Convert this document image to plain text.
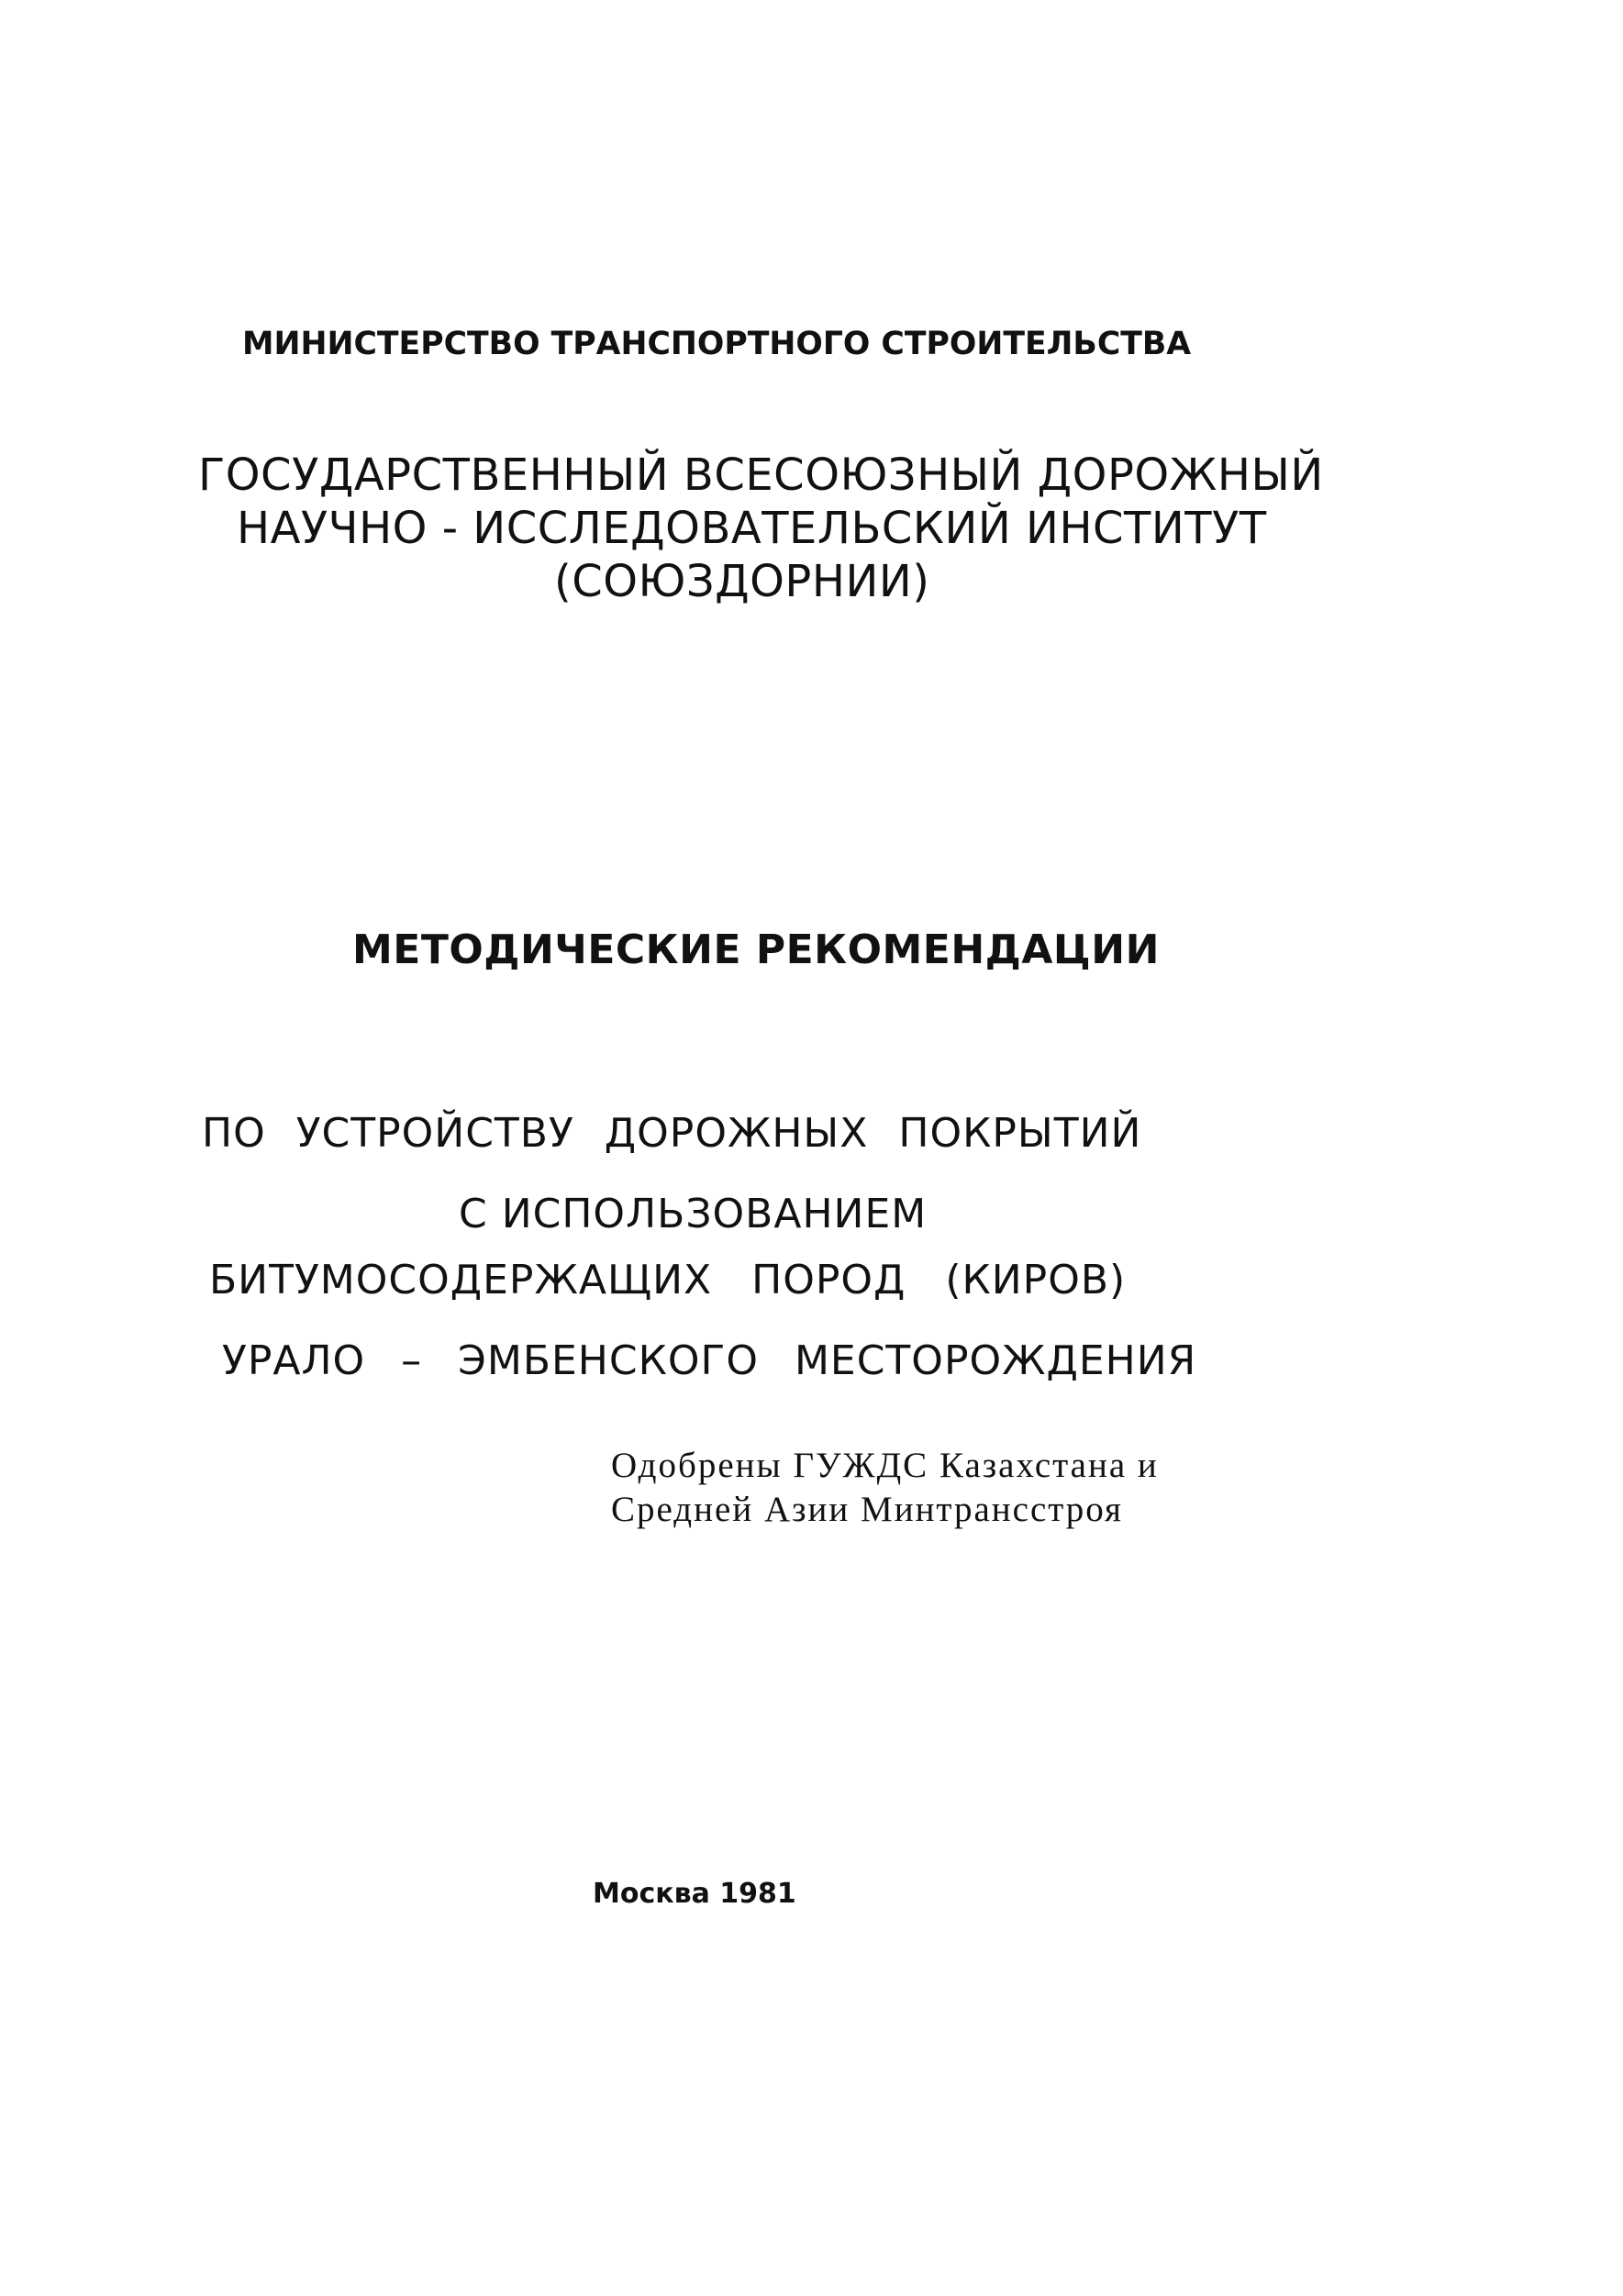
МИНИСТЕРСТВО ТРАНСПОРТНОГО СТРОИТЕЛЬСТВА

ГОСУДАРСТВЕННЫЙ ВСЕСОЮЗНЫЙ ДОРОЖНЫЙ

НАУЧНО - ИССЛЕДОВАТЕЛЬСКИЙ ИНСТИТУТ

(СОЮЗДОРНИИ)

МЕТОДИЧЕСКИЕ РЕКОМЕНДАЦИИ

ПО УСТРОЙСТВУ ДОРОЖНЫХ ПОКРЫТИЙ

С ИСПОЛЬЗОВАНИЕМ

БИТУМОСОДЕРЖАЩИХ ПОРОД (КИРОВ)

УРАЛО – ЭМБЕНСКОГО МЕСТОРОЖДЕНИЯ

Одобрены ГУЖДС Казахстана и

Средней Азии Минтрансстроя

Москва 1981
